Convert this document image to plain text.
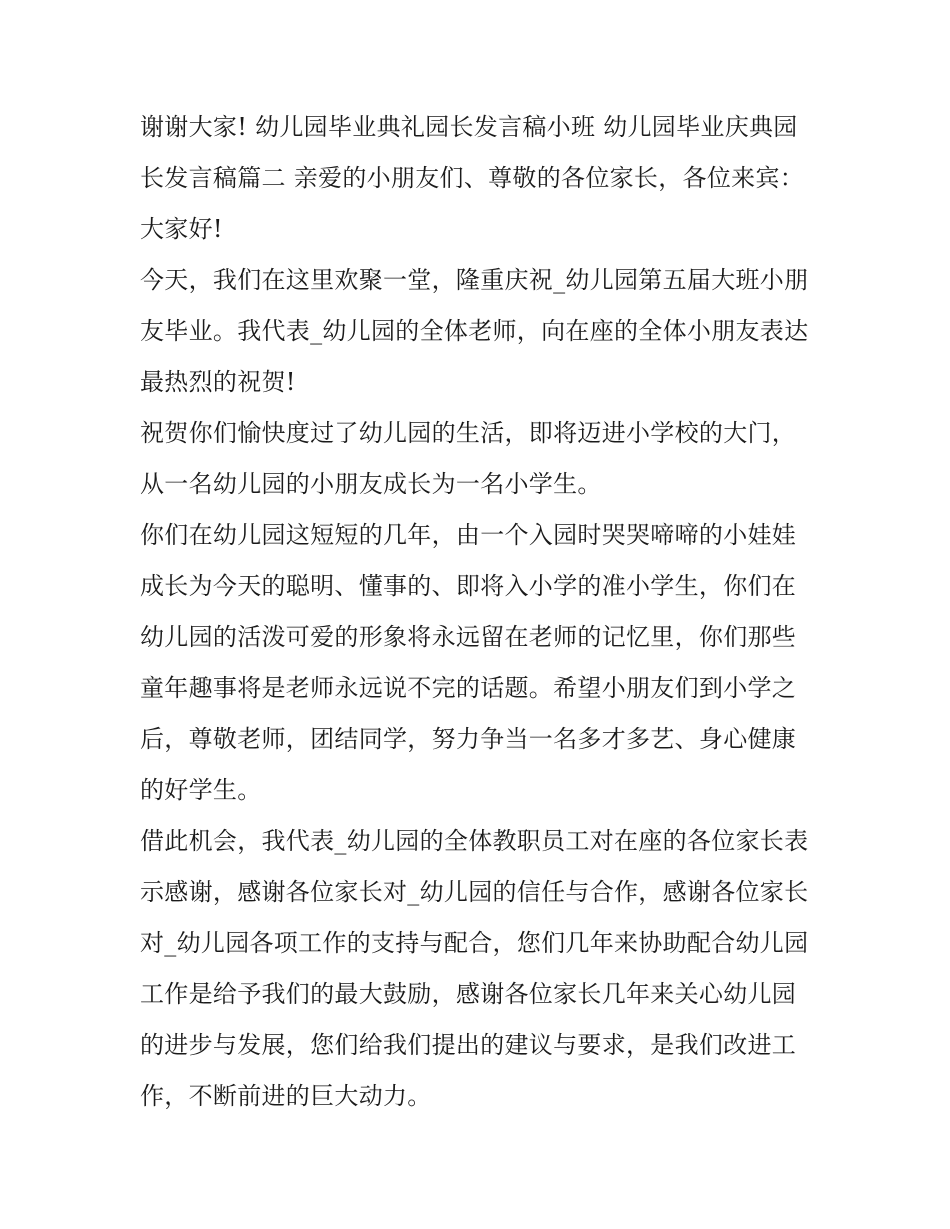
谢谢大家! 幼儿园毕业典礼园长发言稿小班 幼儿园毕业庆典园长发言稿篇二 亲爱的小朋友们、尊敬的各位家长，各位来宾： 大家好!

今天，我们在这里欢聚一堂，隆重庆祝_幼儿园第五届大班小朋友毕业。我代表_幼儿园的全体老师，向在座的全体小朋友表达最热烈的祝贺!

祝贺你们愉快度过了幼儿园的生活，即将迈进小学校的大门，从一名幼儿园的小朋友成长为一名小学生。

你们在幼儿园这短短的几年，由一个入园时哭哭啼啼的小娃娃成长为今天的聪明、懂事的、即将入小学的准小学生，你们在幼儿园的活泼可爱的形象将永远留在老师的记忆里，你们那些童年趣事将是老师永远说不完的话题。希望小朋友们到小学之后，尊敬老师，团结同学，努力争当一名多才多艺、身心健康的好学生。

借此机会，我代表_幼儿园的全体教职员工对在座的各位家长表示感谢，感谢各位家长对_幼儿园的信任与合作，感谢各位家长对_幼儿园各项工作的支持与配合，您们几年来协助配合幼儿园工作是给予我们的最大鼓励，感谢各位家长几年来关心幼儿园的进步与发展，您们给我们提出的建议与要求，是我们改进工作，不断前进的巨大动力。
